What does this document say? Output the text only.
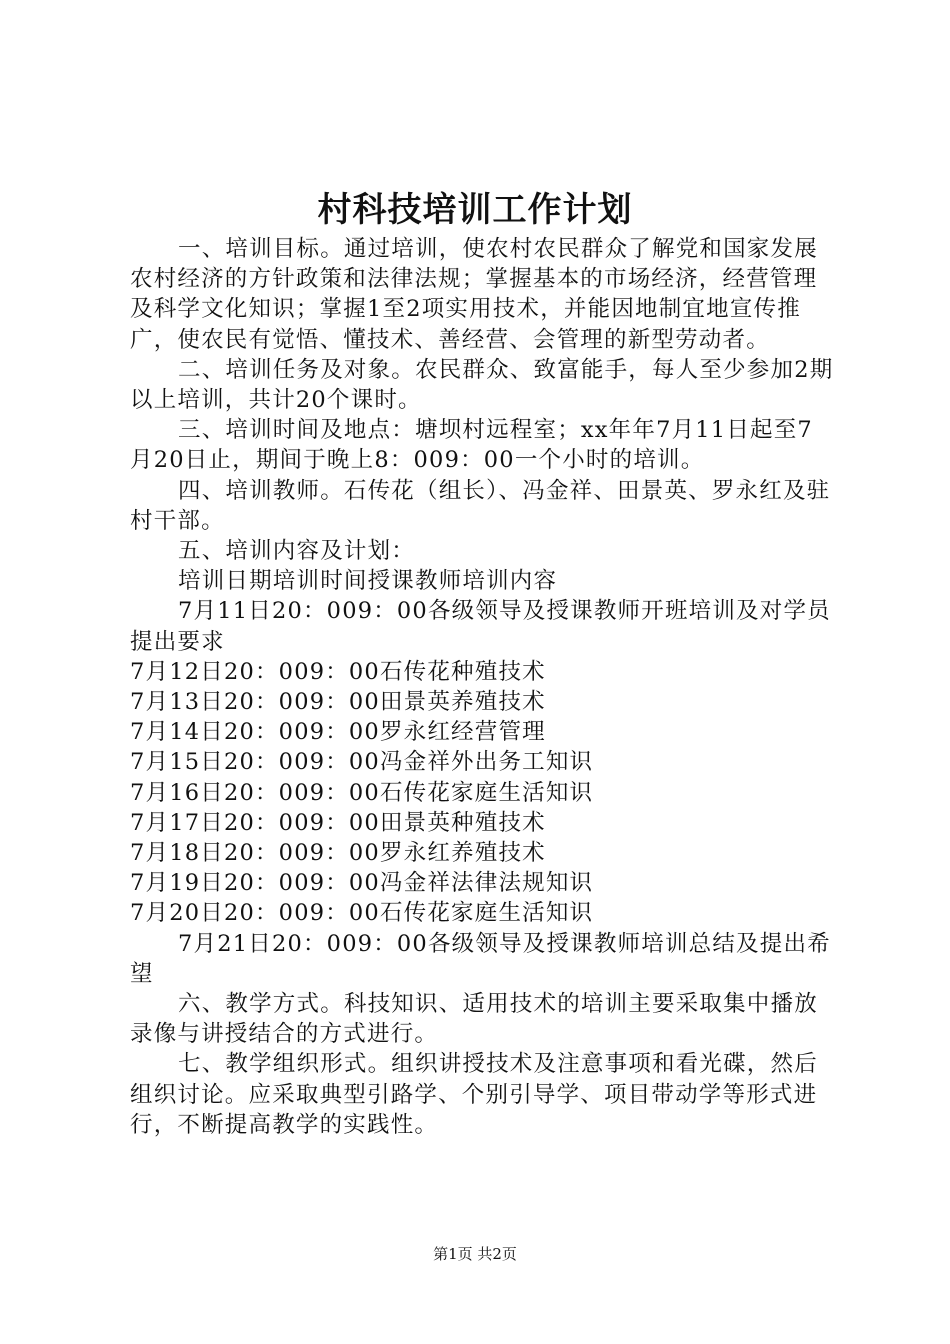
村科技培训工作计划

一、培训目标。通过培训，使农村农民群众了解党和国家发展农村经济的方针政策和法律法规；掌握基本的市场经济，经营管理及科学文化知识；掌握1至2项实用技术，并能因地制宜地宣传推广，使农民有觉悟、懂技术、善经营、会管理的新型劳动者。

二、培训任务及对象。农民群众、致富能手，每人至少参加2期以上培训，共计20个课时。

三、培训时间及地点：塘坝村远程室；xx年年7月11日起至7月20日止，期间于晚上8：009：00一个小时的培训。

四、培训教师。石传花（组长）、冯金祥、田景英、罗永红及驻村干部。

五、培训内容及计划：

培训日期培训时间授课教师培训内容

7月11日20：009：00各级领导及授课教师开班培训及对学员提出要求

7月12日20：009：00石传花种殖技术

7月13日20：009：00田景英养殖技术

7月14日20：009：00罗永红经营管理

7月15日20：009：00冯金祥外出务工知识

7月16日20：009：00石传花家庭生活知识

7月17日20：009：00田景英种殖技术

7月18日20：009：00罗永红养殖技术

7月19日20：009：00冯金祥法律法规知识

7月20日20：009：00石传花家庭生活知识

7月21日20：009：00各级领导及授课教师培训总结及提出希望

六、教学方式。科技知识、适用技术的培训主要采取集中播放录像与讲授结合的方式进行。

七、教学组织形式。组织讲授技术及注意事项和看光碟，然后组织讨论。应采取典型引路学、个别引导学、项目带动学等形式进行，不断提高教学的实践性。

第1页 共2页
